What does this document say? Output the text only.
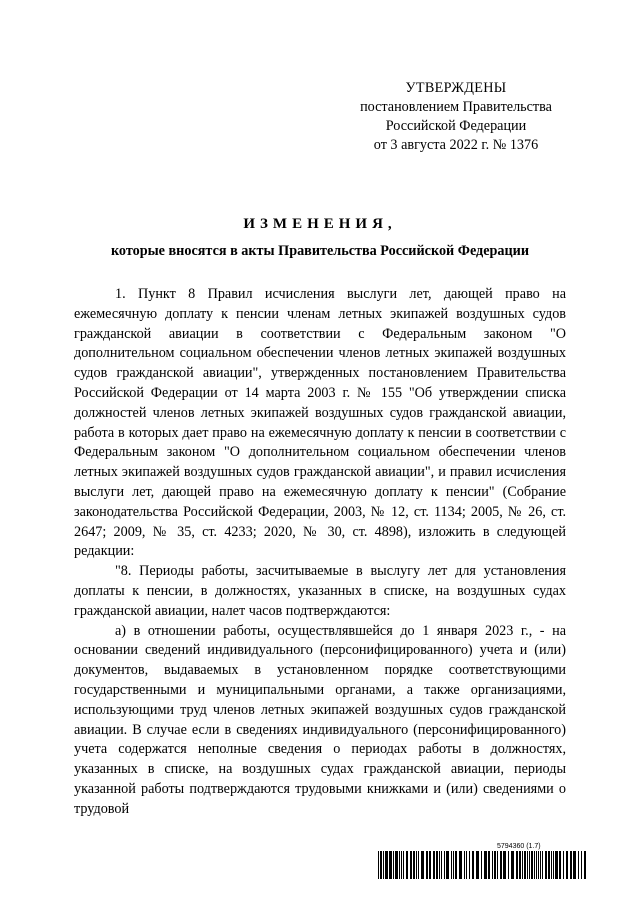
УТВЕРЖДЕНЫ
постановлением Правительства
Российской Федерации
от 3 августа 2022 г. № 1376
ИЗМЕНЕНИЯ,
которые вносятся в акты Правительства Российской Федерации

1. Пункт 8 Правил исчисления выслуги лет, дающей право на ежемесячную доплату к пенсии членам летных экипажей воздушных судов гражданской авиации в соответствии с Федеральным законом "О дополнительном социальном обеспечении членов летных экипажей воздушных судов гражданской авиации", утвержденных постановлением Правительства Российской Федерации от 14 марта 2003 г. № 155 "Об утверждении списка должностей членов летных экипажей воздушных судов гражданской авиации, работа в которых дает право на ежемесячную доплату к пенсии в соответствии с Федеральным законом "О дополнительном социальном обеспечении членов летных экипажей воздушных судов гражданской авиации", и правил исчисления выслуги лет, дающей право на ежемесячную доплату к пенсии" (Собрание законодательства Российской Федерации, 2003, № 12, ст. 1134; 2005, № 26, ст. 2647; 2009, № 35, ст. 4233; 2020, № 30, ст. 4898), изложить в следующей редакции:

"8. Периоды работы, засчитываемые в выслугу лет для установления доплаты к пенсии, в должностях, указанных в списке, на воздушных судах гражданской авиации, налет часов подтверждаются:

а) в отношении работы, осуществлявшейся до 1 января 2023 г., - на основании сведений индивидуального (персонифицированного) учета и (или) документов, выдаваемых в установленном порядке соответствующими государственными и муниципальными органами, а также организациями, использующими труд членов летных экипажей воздушных судов гражданской авиации. В случае если в сведениях индивидуального (персонифицированного) учета содержатся неполные сведения о периодах работы в должностях, указанных в списке, на воздушных судах гражданской авиации, периоды указанной работы подтверждаются трудовыми книжками и (или) сведениями о трудовой

5794360 (1.7)
